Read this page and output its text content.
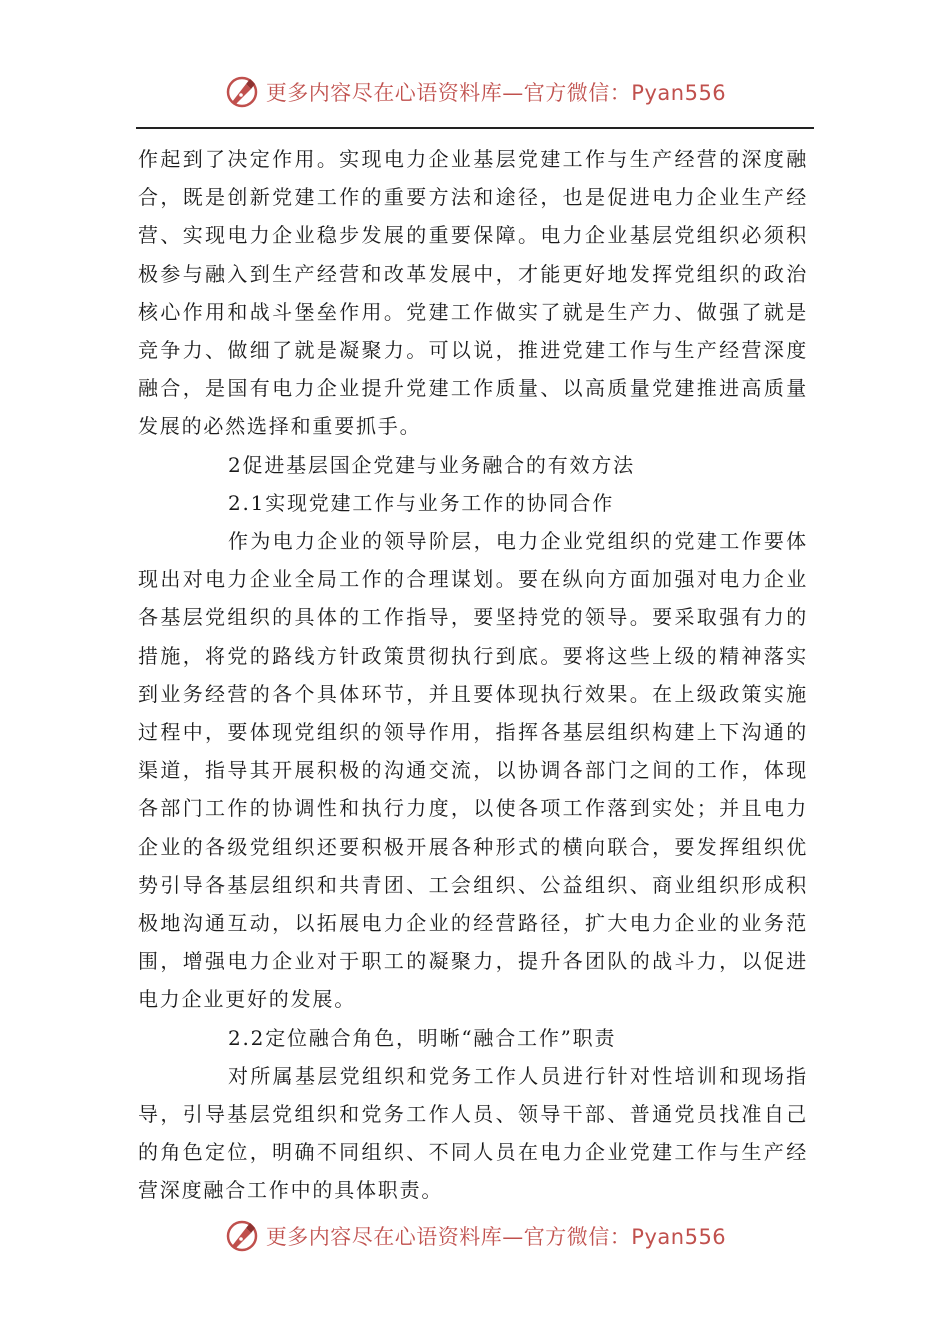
更多内容尽在心语资料库—官方微信：Pyan556

作起到了决定作用。实现电力企业基层党建工作与生产经营的深度融合，既是创新党建工作的重要方法和途径，也是促进电力企业生产经营、实现电力企业稳步发展的重要保障。电力企业基层党组织必须积极参与融入到生产经营和改革发展中，才能更好地发挥党组织的政治核心作用和战斗堡垒作用。党建工作做实了就是生产力、做强了就是竞争力、做细了就是凝聚力。可以说，推进党建工作与生产经营深度融合，是国有电力企业提升党建工作质量、以高质量党建推进高质量发展的必然选择和重要抓手。

2促进基层国企党建与业务融合的有效方法

2.1实现党建工作与业务工作的协同合作

作为电力企业的领导阶层，电力企业党组织的党建工作要体现出对电力企业全局工作的合理谋划。要在纵向方面加强对电力企业各基层党组织的具体的工作指导，要坚持党的领导。要采取强有力的措施，将党的路线方针政策贯彻执行到底。要将这些上级的精神落实到业务经营的各个具体环节，并且要体现执行效果。在上级政策实施过程中，要体现党组织的领导作用，指挥各基层组织构建上下沟通的渠道，指导其开展积极的沟通交流，以协调各部门之间的工作，体现各部门工作的协调性和执行力度，以使各项工作落到实处；并且电力企业的各级党组织还要积极开展各种形式的横向联合，要发挥组织优势引导各基层组织和共青团、工会组织、公益组织、商业组织形成积极地沟通互动，以拓展电力企业的经营路径，扩大电力企业的业务范围，增强电力企业对于职工的凝聚力，提升各团队的战斗力，以促进电力企业更好的发展。

2.2定位融合角色，明晰“融合工作”职责

对所属基层党组织和党务工作人员进行针对性培训和现场指导，引导基层党组织和党务工作人员、领导干部、普通党员找准自己的角色定位，明确不同组织、不同人员在电力企业党建工作与生产经营深度融合工作中的具体职责。

更多内容尽在心语资料库—官方微信：Pyan556
